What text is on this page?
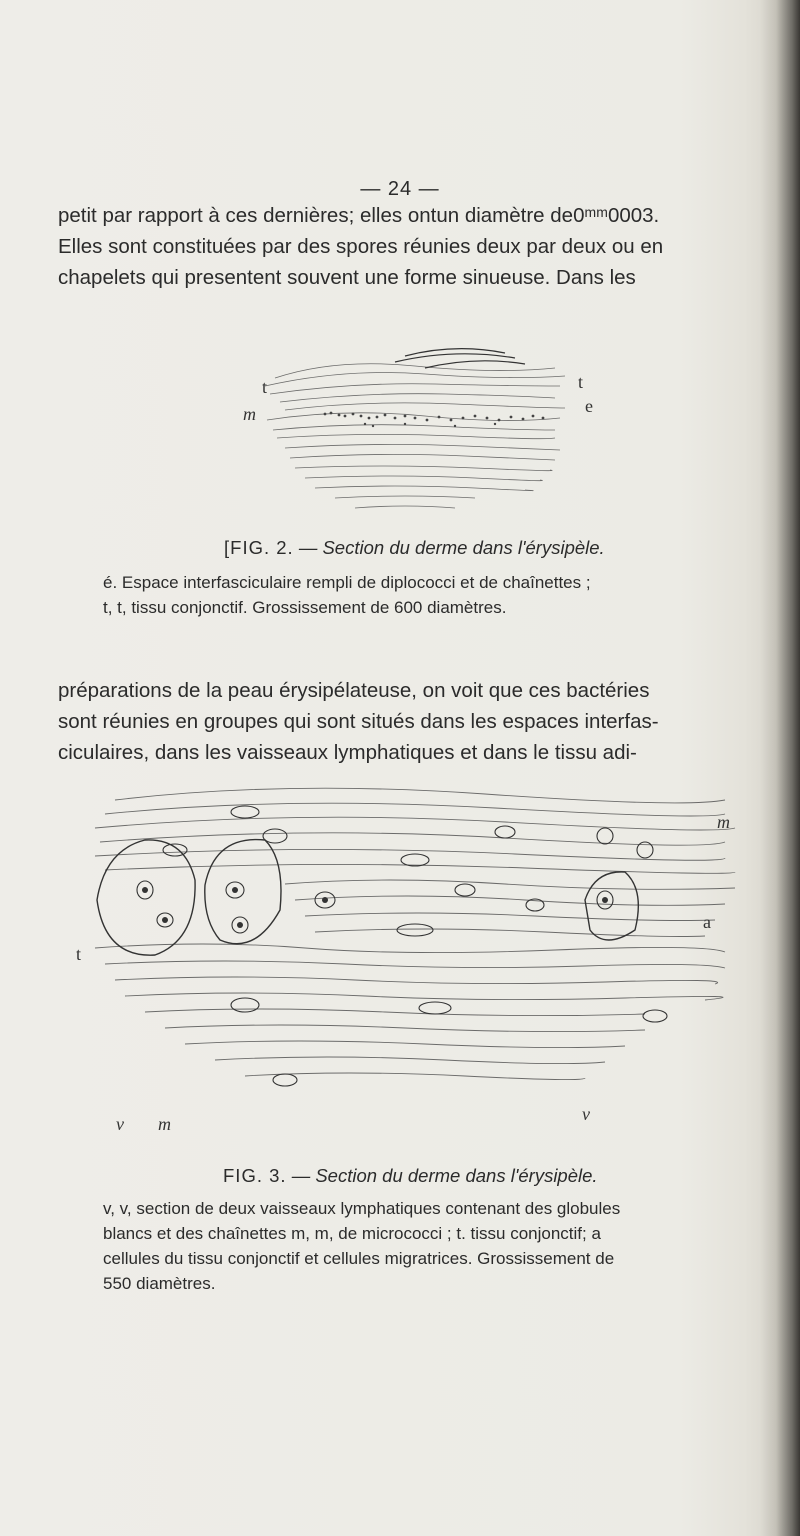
— 24 —
petit par rapport à ces dernières; elles ontun diamètre de0ᵐᵐ0003.
Elles sont constituées par des spores réunies deux par deux ou en
chapelets qui presentent souvent une forme sinueuse. Dans les
t	t
m	e
[FIG. 2. — Section du derme dans l'érysipèle.
é. Espace interfasciculaire rempli de diplococci et de chaînettes ;
t, t, tissu conjonctif. Grossissement de 600 diamètres.
préparations de la peau érysipélateuse, on voit que ces bactéries
sont réunies en groupes qui sont situés dans les espaces interfas-
ciculaires, dans les vaisseaux lymphatiques et dans le tissu adi-
m
a
t
v m	v
FIG. 3. — Section du derme dans l'érysipèle.
v, v, section de deux vaisseaux lymphatiques contenant des globules
blancs et des chaînettes m, m, de micrococci ; t. tissu conjonctif; a
cellules du tissu conjonctif et cellules migratrices. Grossissement de
550 diamètres.
